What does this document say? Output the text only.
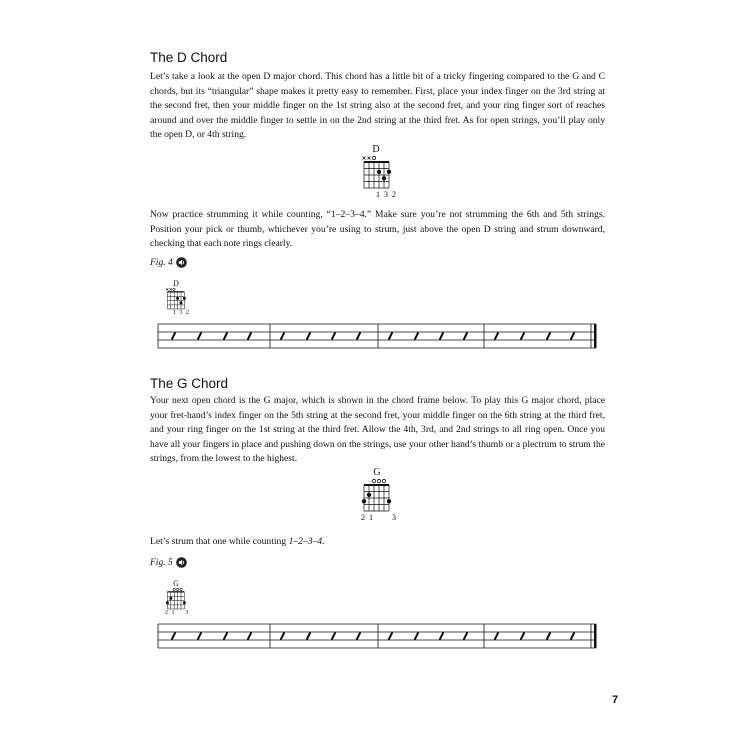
The D Chord

Let’s take a look at the open D major chord. This chord has a little bit of a tricky fingering compared to the G and C chords, but its “triangular” shape makes it pretty easy to remember. First, place your index finger on the 3rd string at the second fret, then your middle finger on the 1st string also at the second fret, and your ring finger sort of reaches around and over the middle finger to settle in on the 2nd string at the third fret. As for open strings, you’ll play only the open D, or 4th string.

D
1 3 2

Now practice strumming it while counting, “1–2–3–4.” Make sure you’re not strumming the 6th and 5th strings. Position your pick or thumb, whichever you’re using to strum, just above the open D string and strum downward, checking that each note rings clearly.

Fig. 4
D
1 3 2
The G Chord

Your next open chord is the G major, which is shown in the chord frame below. To play this G major chord, place your fret-hand’s index finger on the 5th string at the second fret, your middle finger on the 6th string at the third fret, and your ring finger on the 1st string at the third fret. Allow the 4th, 3rd, and 2nd strings to all ring open. Once you have all your fingers in place and pushing down on the strings, use your other hand’s thumb or a plectrum to strum the strings, from the lowest to the highest.

G
2 1      3

Let’s strum that one while counting 1–2–3–4.

Fig. 5
G
2 1    3
7
